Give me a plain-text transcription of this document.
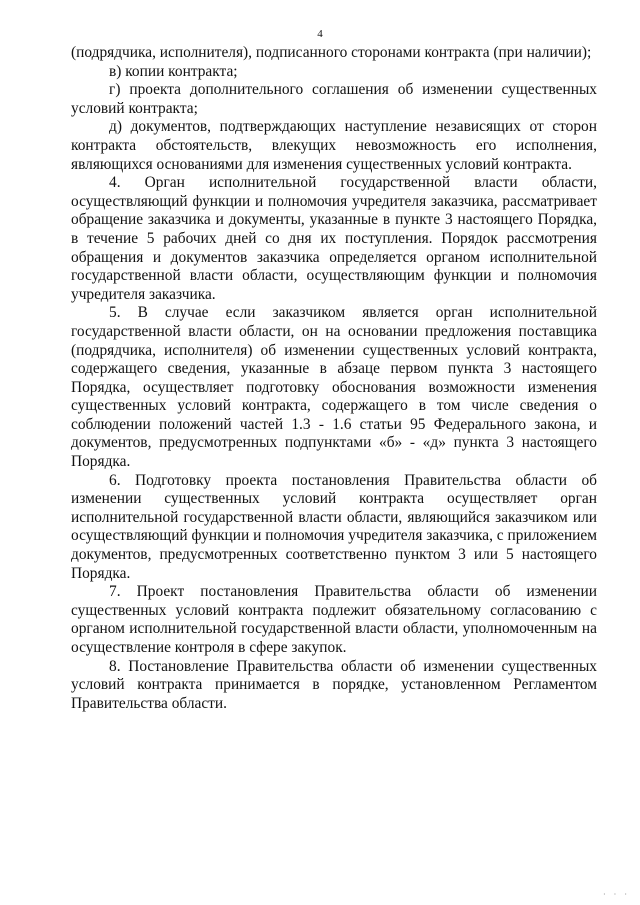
4

(подрядчика, исполнителя), подписанного сторонами контракта (при наличии);

в) копии контракта;

г) проекта дополнительного соглашения об изменении существенных условий контракта;

д) документов, подтверждающих наступление независящих от сторон контракта обстоятельств, влекущих невозможность его исполнения, являющихся основаниями для изменения существенных условий контракта.

4. Орган исполнительной государственной власти области, осуществляющий функции и полномочия учредителя заказчика, рассматривает обращение заказчика и документы, указанные в пункте 3 настоящего Порядка, в течение 5 рабочих дней со дня их поступления. Порядок рассмотрения обращения и документов заказчика определяется органом исполнительной государственной власти области, осуществляющим функции и полномочия учредителя заказчика.

5. В случае если заказчиком является орган исполнительной государственной власти области, он на основании предложения поставщика (подрядчика, исполнителя) об изменении существенных условий контракта, содержащего сведения, указанные в абзаце первом пункта 3 настоящего Порядка, осуществляет подготовку обоснования возможности изменения существенных условий контракта, содержащего в том числе сведения о соблюдении положений частей 1.3 - 1.6 статьи 95 Федерального закона, и документов, предусмотренных подпунктами «б» - «д» пункта 3 настоящего Порядка.

6. Подготовку проекта постановления Правительства области об изменении существенных условий контракта осуществляет орган исполнительной государственной власти области, являющийся заказчиком или осуществляющий функции и полномочия учредителя заказчика, с приложением документов, предусмотренных соответственно пунктом 3 или 5 настоящего Порядка.

7. Проект постановления Правительства области об изменении существенных условий контракта подлежит обязательному согласованию с органом исполнительной государственной власти области, уполномоченным на осуществление контроля в сфере закупок.

8. Постановление Правительства области об изменении существенных условий контракта принимается в порядке, установленном Регламентом Правительства области.

· · ·
